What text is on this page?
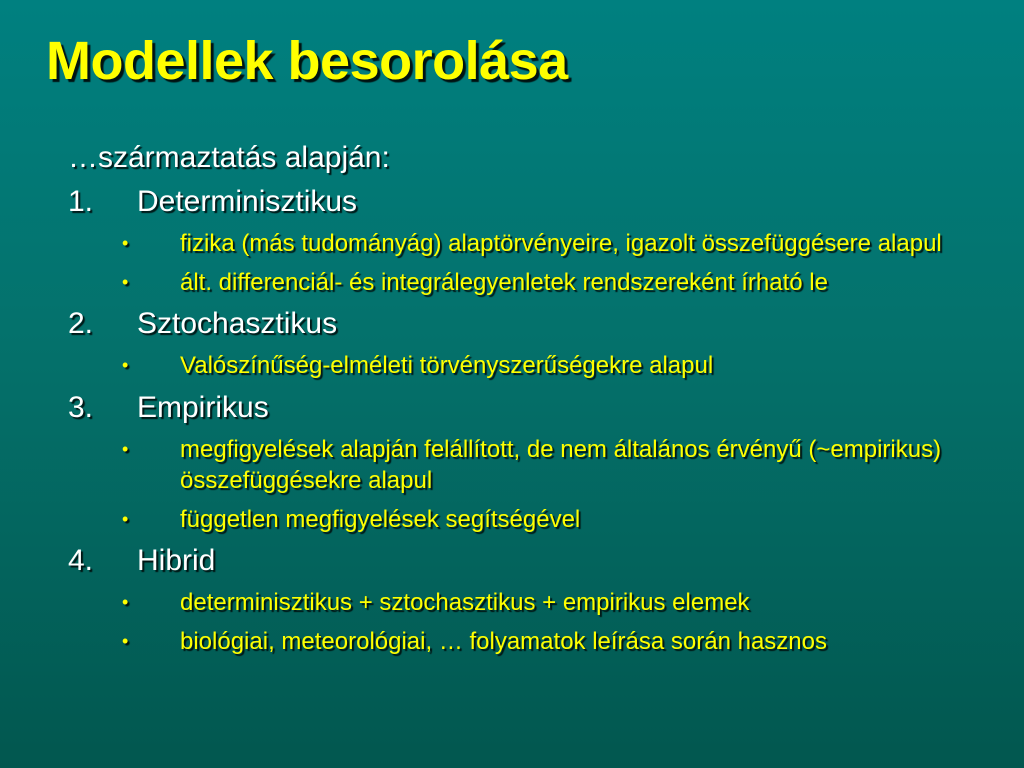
Modellek besorolása
…származtatás alapján:
1. Determinisztikus
• fizika (más tudományág) alaptörvényeire, igazolt összefüggésere alapul
• ált. differenciál- és integrálegyenletek rendszereként írható le
2. Sztochasztikus
• Valószínűség-elméleti törvényszerűségekre alapul
3. Empirikus
• megfigyelések alapján felállított, de nem általános érvényű (~empirikus) összefüggésekre alapul
• független megfigyelések segítségével
4. Hibrid
• determinisztikus + sztochasztikus + empirikus elemek
• biológiai, meteorológiai, … folyamatok leírása során hasznos
